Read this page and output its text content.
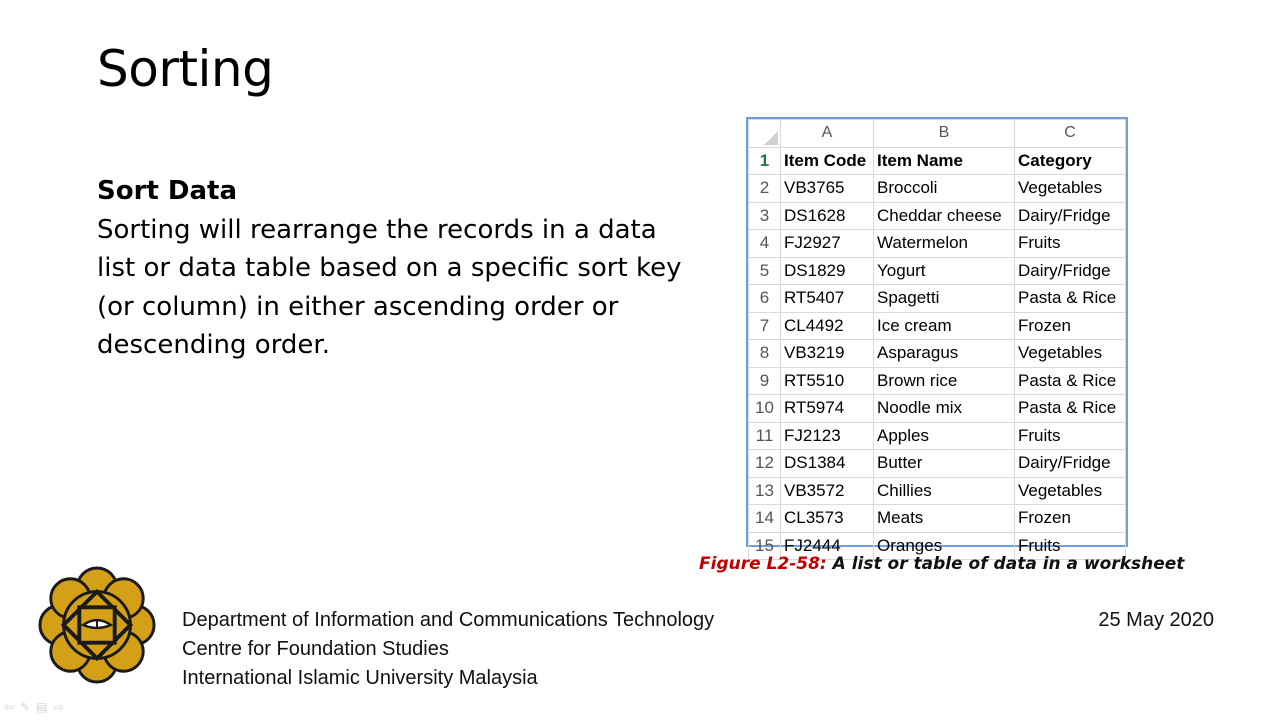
Sorting
Sort Data
Sorting will rearrange the records in a data list or data table based on a specific sort key (or column) in either ascending order or descending order.
	A	B	C
1	Item Code	Item Name	Category
2	VB3765	Broccoli	Vegetables
3	DS1628	Cheddar cheese	Dairy/Fridge
4	FJ2927	Watermelon	Fruits
5	DS1829	Yogurt	Dairy/Fridge
6	RT5407	Spagetti	Pasta & Rice
7	CL4492	Ice cream	Frozen
8	VB3219	Asparagus	Vegetables
9	RT5510	Brown rice	Pasta & Rice
10	RT5974	Noodle mix	Pasta & Rice
11	FJ2123	Apples	Fruits
12	DS1384	Butter	Dairy/Fridge
13	VB3572	Chillies	Vegetables
14	CL3573	Meats	Frozen
15	FJ2444	Oranges	Fruits
Figure L2-58: A list or table of data in a worksheet
Department of Information and Communications Technology
Centre for Foundation Studies
International Islamic University Malaysia
25 May 2020
⇦ ✎ ▤ ⇨
